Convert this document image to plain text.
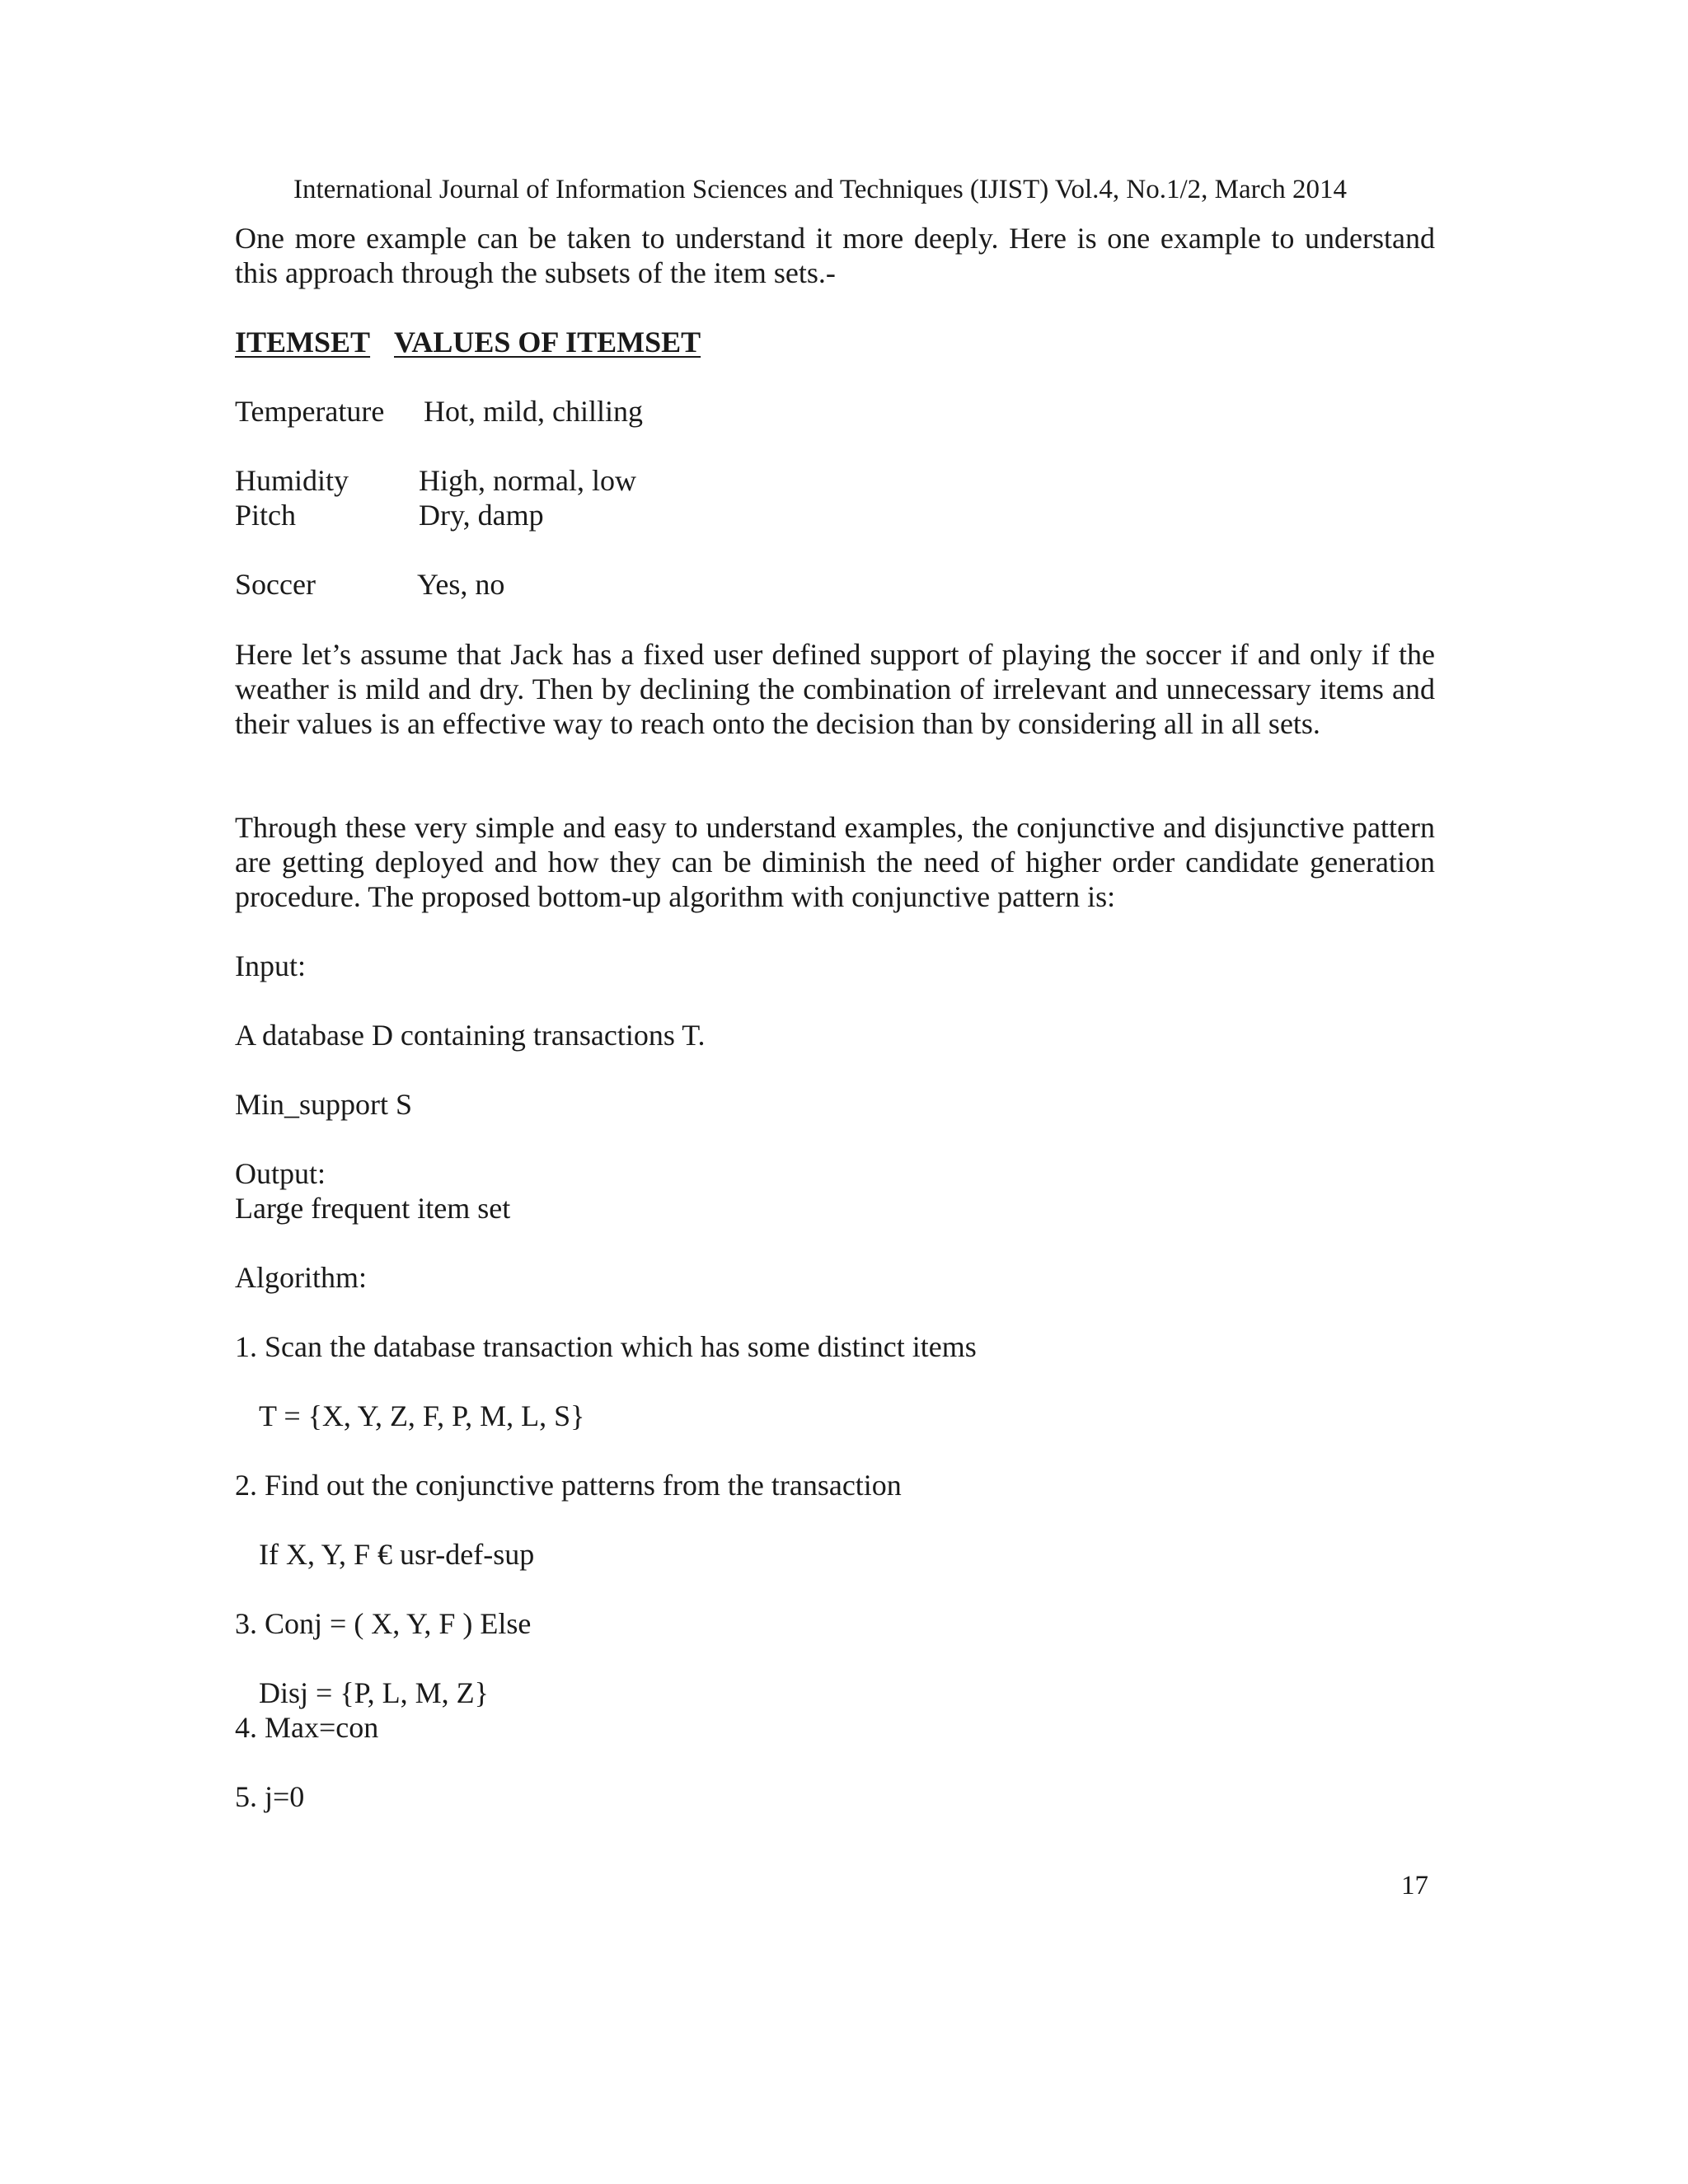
International Journal of Information Sciences and Techniques (IJIST) Vol.4, No.1/2, March 2014
One more example can be taken to understand it more deeply. Here is one example to understand this approach through the subsets of the item sets.-
ITEMSET VALUES OF ITEMSET
Temperature Hot, mild, chilling
Humidity High, normal, low
Pitch	Dry, damp
Soccer	Yes, no
Here let’s assume that Jack has a fixed user defined support of playing the soccer if and only if the weather is mild and dry. Then by declining the combination of irrelevant and unnecessary items and their values is an effective way to reach onto the decision than by considering all in all sets.
Through these very simple and easy to understand examples, the conjunctive and disjunctive pattern are getting deployed and how they can be diminish the need of higher order candidate generation procedure. The proposed bottom-up algorithm with conjunctive pattern is:
Input:
A database D containing transactions T.
Min_support S
Output:
Large frequent item set
Algorithm:
1. Scan the database transaction which has some distinct items
T = {X, Y, Z, F, P, M, L, S}
2. Find out the conjunctive patterns from the transaction
If X, Y, F € usr-def-sup
3. Conj = ( X, Y, F ) Else
Disj = {P, L, M, Z}
4. Max=con
5. j=0
17
